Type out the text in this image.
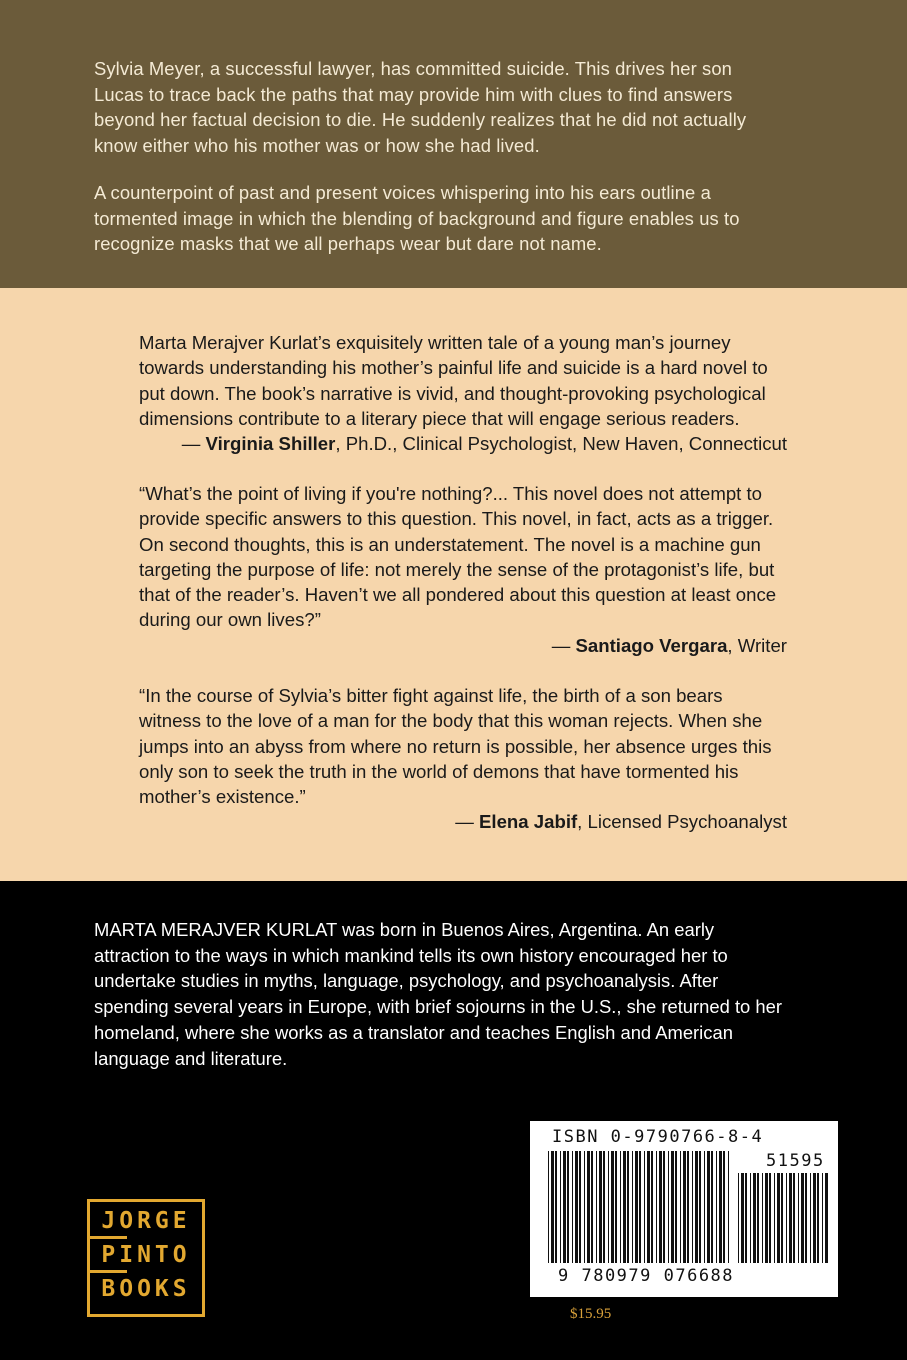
Sylvia Meyer, a successful lawyer, has committed suicide. This drives her son Lucas to trace back the paths that may provide him with clues to find answers beyond her factual decision to die. He suddenly realizes that he did not actually know either who his mother was or how she had lived.

A counterpoint of past and present voices whispering into his ears outline a tormented image in which the blending of background and figure enables us to recognize masks that we all perhaps wear but dare not name.

Marta Merajver Kurlat’s exquisitely written tale of a young man’s journey towards understanding his mother’s painful life and suicide is a hard novel to put down. The book’s narrative is vivid, and thought-provoking psychological dimensions contribute to a literary piece that will engage serious readers.

— Virginia Shiller, Ph.D., Clinical Psychologist, New Haven, Connecticut

“What’s the point of living if you're nothing?... This novel does not attempt to provide specific answers to this question. This novel, in fact, acts as a trigger. On second thoughts, this is an understatement. The novel is a machine gun targeting the purpose of life: not merely the sense of the protagonist’s life, but that of the reader’s. Haven’t we all pondered about this question at least once during our own lives?”

— Santiago Vergara, Writer

“In the course of Sylvia’s bitter fight against life, the birth of a son bears witness to the love of a man for the body that this woman rejects. When she jumps into an abyss from where no return is possible, her absence urges this only son to seek the truth in the world of demons that have tormented his mother’s existence.”

— Elena Jabif, Licensed Psychoanalyst

MARTA MERAJVER KURLAT was born in Buenos Aires, Argentina. An early attraction to the ways in which mankind tells its own history encouraged her to undertake studies in myths, language, psychology, and psychoanalysis. After spending several years in Europe, with brief sojourns in the U.S., she returned to her homeland, where she works as a translator and teaches English and American language and literature.

JORGE
PINTO
BOOKS
ISBN 0-9790766-8-4
51595
9 780979 076688
$15.95
